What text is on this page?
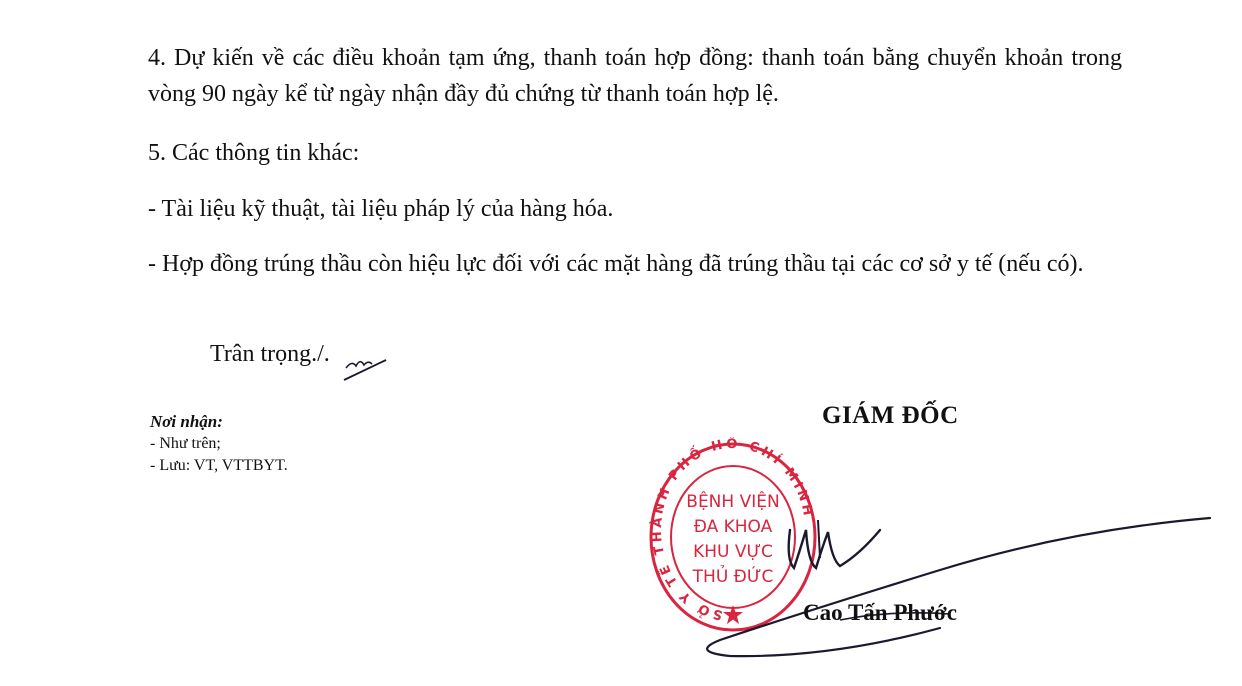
4. Dự kiến về các điều khoản tạm ứng, thanh toán hợp đồng: thanh toán bằng chuyển khoản trong vòng 90 ngày kể từ ngày nhận đầy đủ chứng từ thanh toán hợp lệ.

5. Các thông tin khác:

- Tài liệu kỹ thuật, tài liệu pháp lý của hàng hóa.

- Hợp đồng trúng thầu còn hiệu lực đối với các mặt hàng đã trúng thầu tại các cơ sở y tế (nếu có).

Trân trọng./.
Nơi nhận:
- Như trên;
- Lưu: VT, VTTBYT.
GIÁM ĐỐC
SỞ Y TẾ THÀNH PHỐ HỒ CHÍ MINH
BỆNH VIỆN
ĐA KHOA
KHU VỰC
THỦ ĐỨC
Cao Tấn Phước
